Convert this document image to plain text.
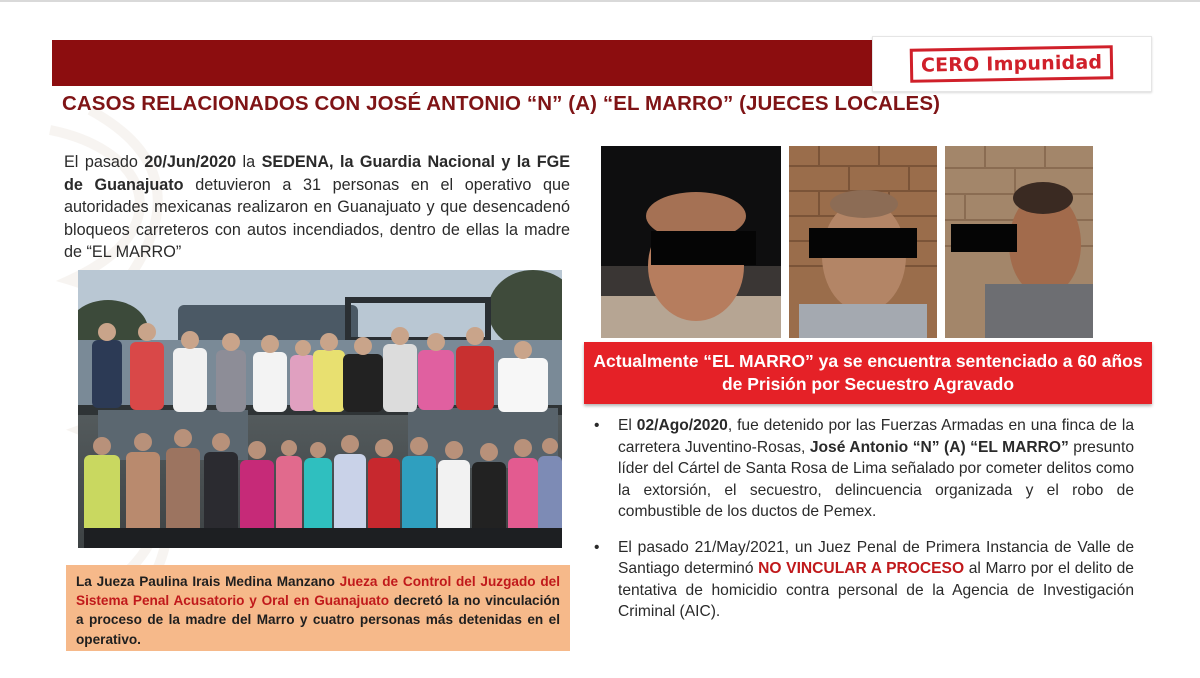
CERO Impunidad
CASOS RELACIONADOS CON JOSÉ ANTONIO “N” (A) “EL MARRO” (JUECES LOCALES)

El pasado 20/Jun/2020 la SEDENA, la Guardia Nacional y la FGE de Guanajuato detuvieron a 31 personas en el operativo que autoridades mexicanas realizaron en Guanajuato y que desencadenó bloqueos carreteros con autos incendiados, dentro de ellas la madre de “EL MARRO”

La Jueza Paulina Irais Medina Manzano Jueza de Control del Juzgado del Sistema Penal Acusatorio y Oral en Guanajuato decretó la no vinculación a proceso de la madre del Marro y cuatro personas más detenidas en el operativo.
Actualmente “EL MARRO” ya se encuentra sentenciado a 60 años de Prisión por Secuestro Agravado

• El 02/Ago/2020, fue detenido por las Fuerzas Armadas en una finca de la carretera Juventino-Rosas, José Antonio “N” (A) “EL MARRO” presunto líder del Cártel de Santa Rosa de Lima señalado por cometer delitos como la extorsión, el secuestro, delincuencia organizada y el robo de combustible de los ductos de Pemex.

• El pasado 21/May/2021, un Juez Penal de Primera Instancia de Valle de Santiago determinó NO VINCULAR A PROCESO al Marro por el delito de tentativa de homicidio contra personal de la Agencia de Investigación Criminal (AIC).
